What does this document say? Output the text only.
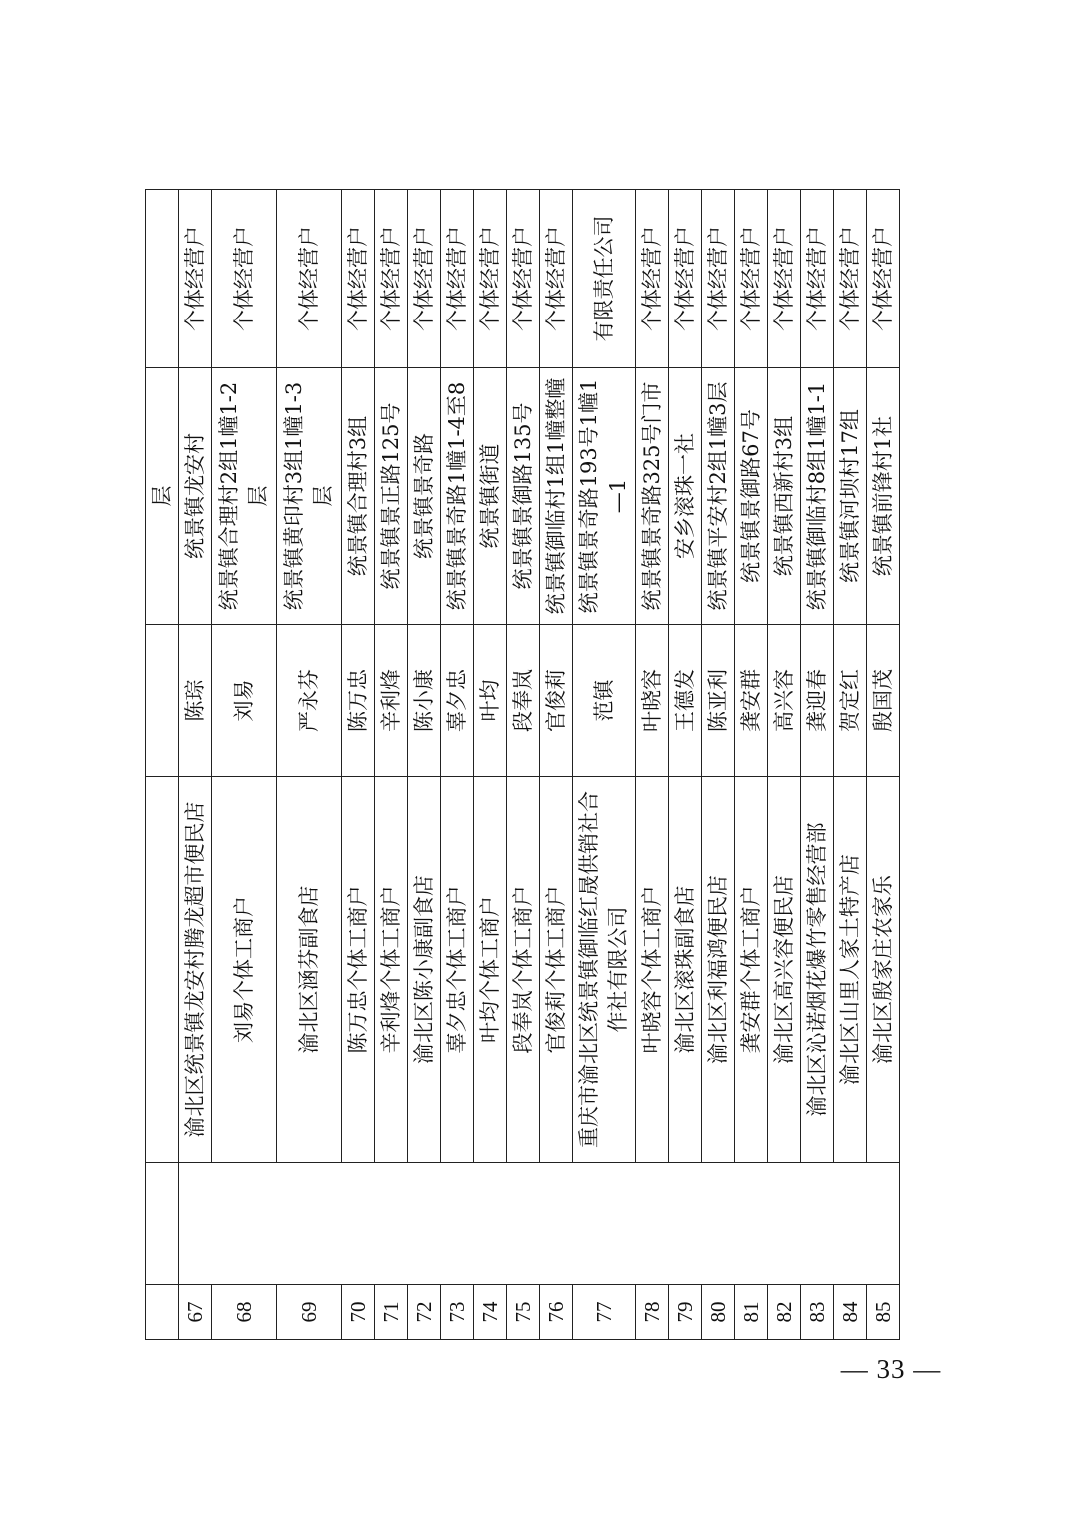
				层	
67		渝北区统景镇龙安村腾龙超市便民店	陈琮	统景镇龙安村	个体经营户
68		刘易个体工商户	刘易	统景镇合理村2组1幢1-2层	个体经营户
69		渝北区涵芬副食店	严永芬	统景镇黄印村3组1幢1-3层	个体经营户
70		陈万忠个体工商户	陈万忠	统景镇合理村3组	个体经营户
71		辛利烽个体工商户	辛利烽	统景镇景正路125号	个体经营户
72		渝北区陈小康副食店	陈小康	统景镇景奇路	个体经营户
73		辜夕忠个体工商户	辜夕忠	统景镇景奇路1幢1-4至8	个体经营户
74		叶均个体工商户	叶均	统景镇街道	个体经营户
75		段奉岚个体工商户	段奉岚	统景镇景御路135号	个体经营户
76		官俊莉个体工商户	官俊莉	统景镇御临村1组1幢整幢	个体经营户
77		重庆市渝北区统景镇御临红晟供销社合作社有限公司	范镇	统景镇景奇路193号1幢1—1	有限责任公司
78		叶晓容个体工商户	叶晓容	统景镇景奇路325号门市	个体经营户
79		渝北区滚珠副食店	王德发	安乡滚珠一社	个体经营户
80		渝北区利福鸿便民店	陈亚利	统景镇平安村2组1幢3层	个体经营户
81		龚安群个体工商户	龚安群	统景镇景御路67号	个体经营户
82		渝北区高兴容便民店	高兴容	统景镇西新村3组	个体经营户
83		渝北区沁诺烟花爆竹零售经营部	龚迎春	统景镇御临村8组1幢1-1	个体经营户
84		渝北区山里人家土特产店	贺定红	统景镇河坝村17组	个体经营户
85		渝北区殷家庄农家乐	殷国茂	统景镇前锋村1社	个体经营户
— 33 —
